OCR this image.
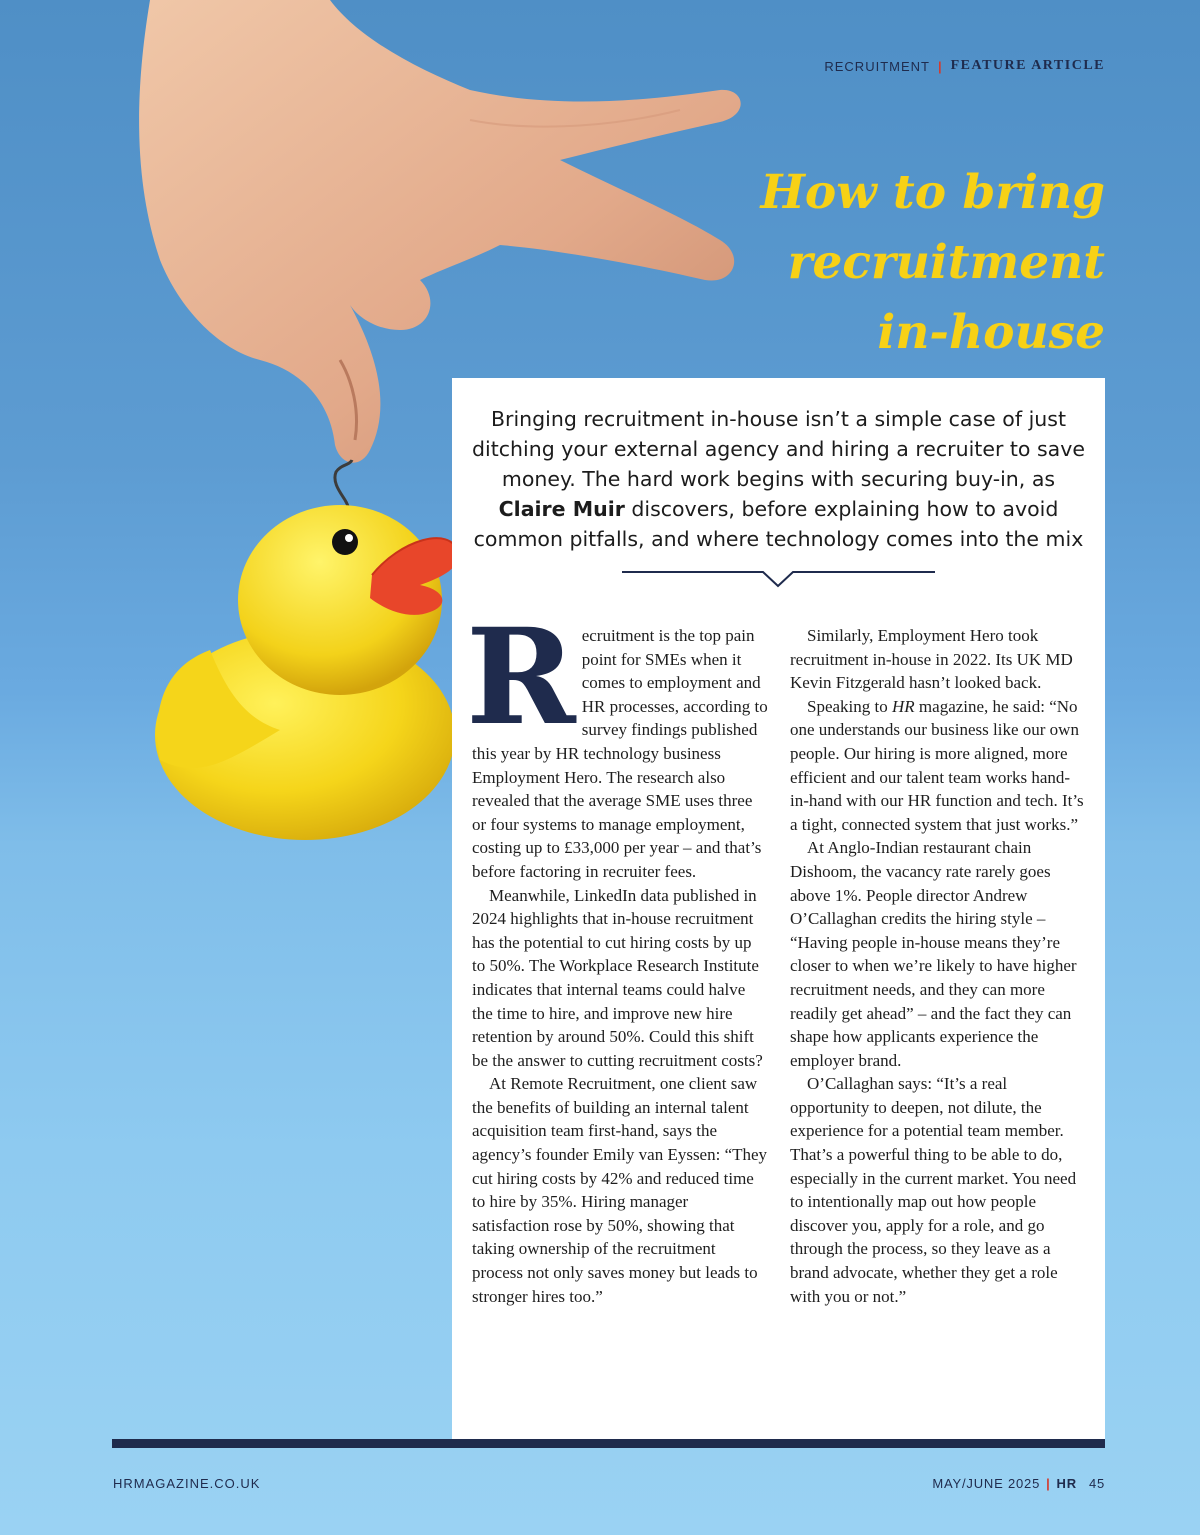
RECRUITMENT | FEATURE ARTICLE
How to bring
recruitment
in-house

Bringing recruitment in-house isn’t a simple case of just ditching your external agency and hiring a recruiter to save money. The hard work begins with securing buy-in, as Claire Muir discovers, before explaining how to avoid common pitfalls, and where technology comes into the mix

Recruitment is the top pain point for SMEs when it comes to employment and HR processes, according to survey findings published this year by HR technology business Employment Hero. The research also revealed that the average SME uses three or four systems to manage employment, costing up to £33,000 per year – and that’s before factoring in recruiter fees.

Meanwhile, LinkedIn data published in 2024 highlights that in-house recruitment has the potential to cut hiring costs by up to 50%. The Workplace Research Institute indicates that internal teams could halve the time to hire, and improve new hire retention by around 50%. Could this shift be the answer to cutting recruitment costs?

At Remote Recruitment, one client saw the benefits of building an internal talent acquisition team first-hand, says the agency’s founder Emily van Eyssen: “They cut hiring costs by 42% and reduced time to hire by 35%. Hiring manager satisfaction rose by 50%, showing that taking ownership of the recruitment process not only saves money but leads to stronger hires too.”

Similarly, Employment Hero took recruitment in-house in 2022. Its UK MD Kevin Fitzgerald hasn’t looked back.

Speaking to HR magazine, he said: “No one understands our business like our own people. Our hiring is more aligned, more efficient and our talent team works hand-in-hand with our HR function and tech. It’s a tight, connected system that just works.”

At Anglo-Indian restaurant chain Dishoom, the vacancy rate rarely goes above 1%. People director Andrew O’Callaghan credits the hiring style – “Having people in-house means they’re closer to when we’re likely to have higher recruitment needs, and they can more readily get ahead” – and the fact they can shape how applicants experience the employer brand.

O’Callaghan says: “It’s a real opportunity to deepen, not dilute, the experience for a potential team member. That’s a powerful thing to be able to do, especially in the current market. You need to intentionally map out how people discover you, apply for a role, and go through the process, so they leave as a brand advocate, whether they get a role with you or not.”

HRMAGAZINE.CO.UK	MAY/JUNE 2025 | HR 45
